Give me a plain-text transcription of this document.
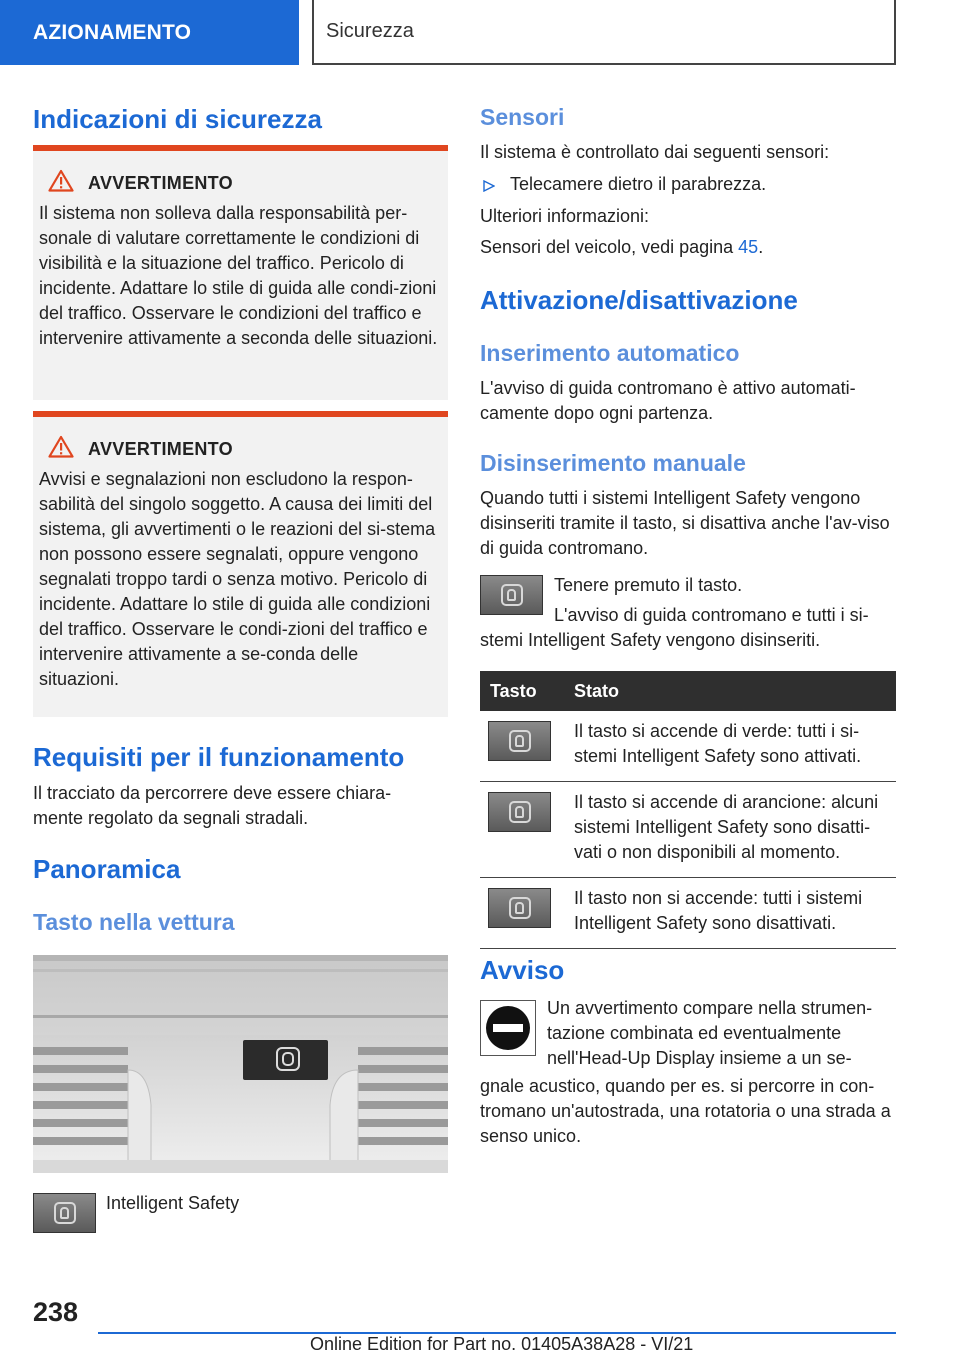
AZIONAMENTO	Sicurezza
Indicazioni di sicurezza
AVVERTIMENTO
Il sistema non solleva dalla responsabilità per-sonale di valutare correttamente le condizioni di visibilità e la situazione del traffico. Pericolo di incidente. Adattare lo stile di guida alle condi-zioni del traffico. Osservare le condizioni del traffico e intervenire attivamente a seconda delle situazioni.
AVVERTIMENTO
Avvisi e segnalazioni non escludono la respon-sabilità del singolo soggetto. A causa dei limiti del sistema, gli avvertimenti o le reazioni del si-stema non possono essere segnalati, oppure vengono segnalati troppo tardi o senza motivo. Pericolo di incidente. Adattare lo stile di guida alle condizioni del traffico. Osservare le condi-zioni del traffico e intervenire attivamente a se-conda delle situazioni.
Requisiti per il funzionamento

Il tracciato da percorrere deve essere chiara-mente regolato da segnali stradali.

Panoramica
Tasto nella vettura

Intelligent Safety

Sensori

Il sistema è controllato dai seguenti sensori:

Telecamere dietro il parabrezza.

Ulteriori informazioni:

Sensori del veicolo, vedi pagina 45.

Attivazione/disattivazione
Inserimento automatico

L'avviso di guida contromano è attivo automati-camente dopo ogni partenza.

Disinserimento manuale

Quando tutti i sistemi Intelligent Safety vengono disinseriti tramite il tasto, si disattiva anche l'av-viso di guida contromano.

Tenere premuto il tasto.

L'avviso di guida contromano e tutti i si-

stemi Intelligent Safety vengono disinseriti.

Tasto	Stato

	Il tasto si accende di verde: tutti i si-stemi Intelligent Safety sono attivati.

	Il tasto si accende di arancione: alcuni sistemi Intelligent Safety sono disatti-vati o non disponibili al momento.

	Il tasto non si accende: tutti i sistemi Intelligent Safety sono disattivati.
Avviso

Un avvertimento compare nella strumen-tazione combinata ed eventualmente nell'Head-Up Display insieme a un se-

gnale acustico, quando per es. si percorre in con-tromano un'autostrada, una rotatoria o una strada a senso unico.

238
Online Edition for Part no. 01405A38A28 - VI/21
